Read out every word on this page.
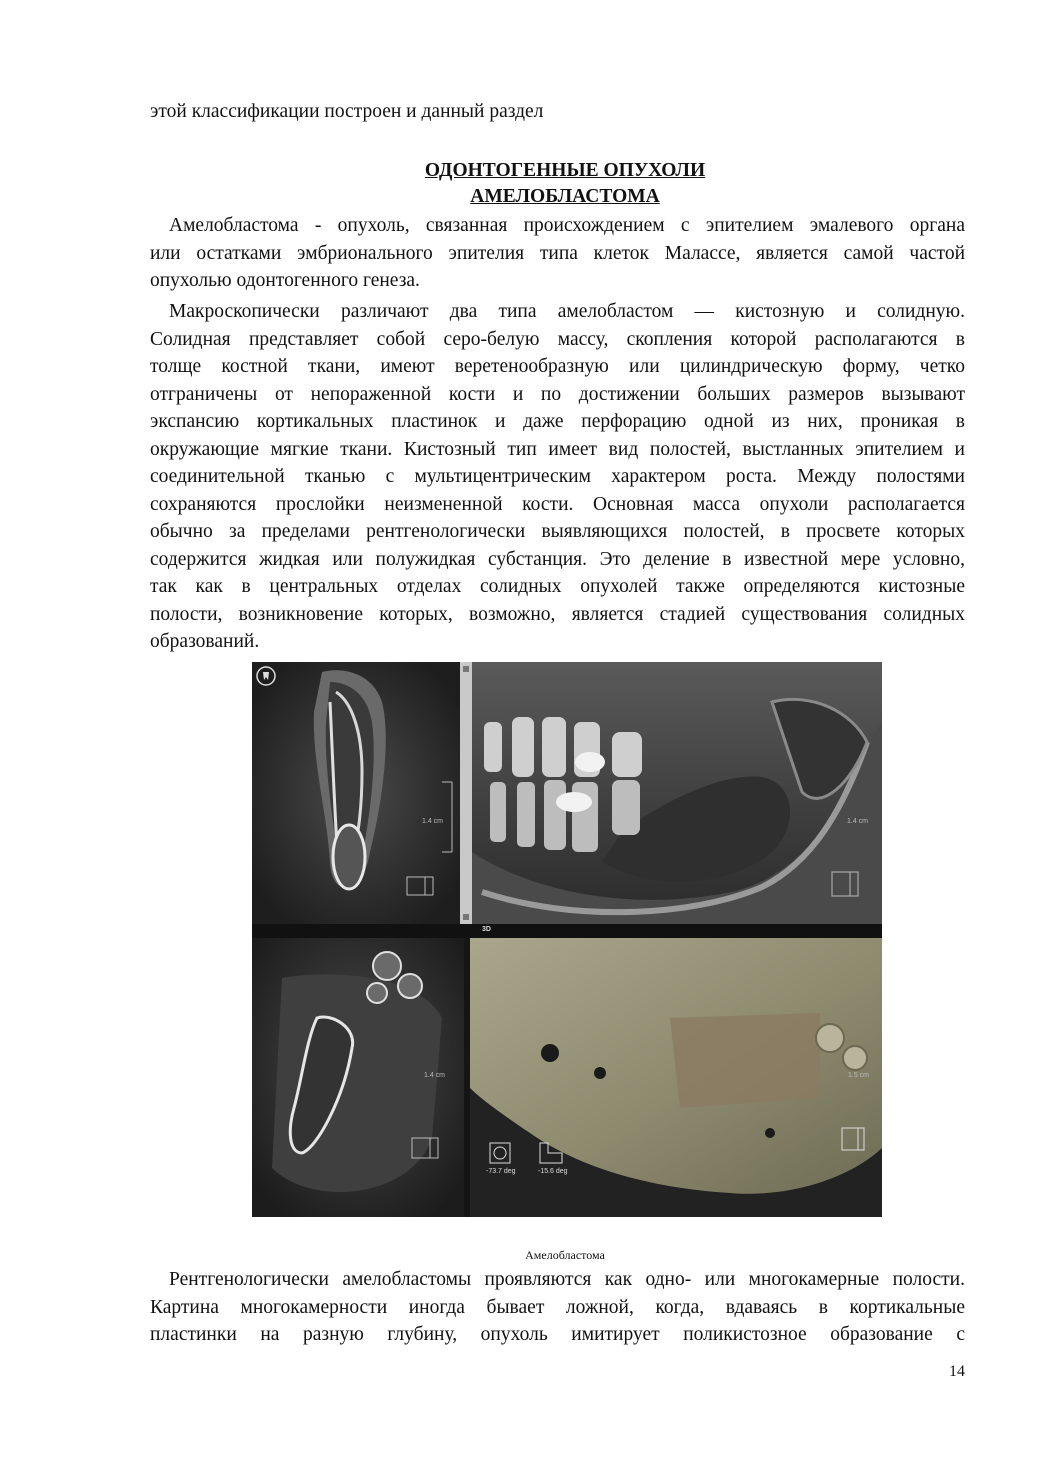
этой классификации построен и данный раздел
ОДОНТОГЕННЫЕ ОПУХОЛИ
АМЕЛОБЛАСТОМА
Амелобластома - опухоль, связанная происхождением с эпителием эмалевого органа
или остатками эмбрионального эпителия типа клеток Малассе, является самой частой
опухолью одонтогенного генеза.
Макроскопически различают два типа амелобластом — кистозную и солидную.
Солидная представляет собой серо-белую массу, скопления которой располагаются в
толще костной ткани, имеют веретенообразную или цилиндрическую форму, четко
отграничены от непораженной кости и по достижении больших размеров вызывают
экспансию кортикальных пластинок и даже перфорацию одной из них, проникая в
окружающие мягкие ткани. Кистозный тип имеет вид полостей, выстланных эпителием и
соединительной тканью с мультицентрическим характером роста. Между полостями
сохраняются прослойки неизмененной кости. Основная масса опухоли располагается
обычно за пределами рентгенологически выявляющихся полостей, в просвете которых
содержится жидкая или полужидкая субстанция. Это деление в известной мере условно,
так как в центральных отделах солидных опухолей также определяются кистозные
полости, возникновение которых, возможно, является стадией существования солидных
образований.
1.4 cm	1.4 cm
3D
1.4 cm	1.5 cm
-73.7 deg	-15.6 deg
Амелобластома
Рентгенологически амелобластомы проявляются как одно- или многокамерные полости.
Картина многокамерности иногда бывает ложной, когда, вдаваясь в кортикальные
пластинки на разную глубину, опухоль имитирует поликистозное образование с
14
